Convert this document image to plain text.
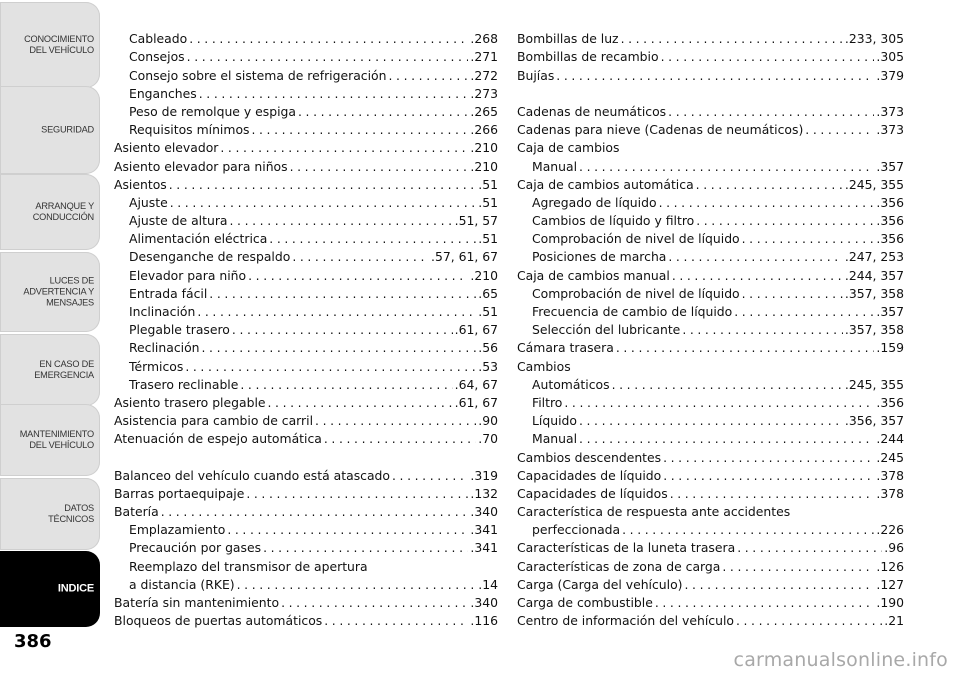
CONOCIMIENTO
DEL VEHÍCULO
SEGURIDAD
ARRANQUE Y
CONDUCCIÓN
LUCES DE
ADVERTENCIA Y
MENSAJES
EN CASO DE
EMERGENCIA
MANTENIMIENTO
DEL VEHÍCULO
DATOS
TÉCNICOS
INDICE
386
Cableado .....	.268
Consejos .....	.271
Consejo sobre el sistema de refrigeración .....	.272
Enganches .....	.273
Peso de remolque y espiga .....	.265
Requisitos mínimos .....	.266
Asiento elevador .....	.210
Asiento elevador para niños .....	.210
Asientos .....	.51
Ajuste .....	.51
Ajuste de altura .....	.51, 57
Alimentación eléctrica .....	.51
Desenganche de respaldo .....	.57, 61, 67
Elevador para niño .....	.210
Entrada fácil .....	.65
Inclinación .....	.51
Plegable trasero .....	.61, 67
Reclinación .....	.56
Térmicos .....	.53
Trasero reclinable .....	.64, 67
Asiento trasero plegable .....	.61, 67
Asistencia para cambio de carril .....	.90
Atenuación de espejo automática .....	.70
Balanceo del vehículo cuando está atascado .....	.319
Barras portaequipaje .....	.132
Batería .....	.340
Emplazamiento .....	.341
Precaución por gases .....	.341
Reemplazo del transmisor de apertura
a distancia (RKE) .....	.14
Batería sin mantenimiento .....	.340
Bloqueos de puertas automáticos .....	.116
Bombillas de luz .....	.233, 305
Bombillas de recambio .....	.305
Bujías .....	.379
Cadenas de neumáticos .....	.373
Cadenas para nieve (Cadenas de neumáticos) .....	.373
Caja de cambios
Manual .....	.357
Caja de cambios automática .....	.245, 355
Agregado de líquido .....	.356
Cambios de líquido y filtro .....	.356
Comprobación de nivel de líquido .....	.356
Posiciones de marcha .....	.247, 253
Caja de cambios manual .....	.244, 357
Comprobación de nivel de líquido .....	.357, 358
Frecuencia de cambio de líquido .....	.357
Selección del lubricante .....	.357, 358
Cámara trasera .....	.159
Cambios
Automáticos .....	.245, 355
Filtro .....	.356
Líquido .....	.356, 357
Manual .....	.244
Cambios descendentes .....	.245
Capacidades de líquido .....	.378
Capacidades de líquidos .....	.378
Característica de respuesta ante accidentes
perfeccionada .....	.226
Características de la luneta trasera .....	.96
Características de zona de carga .....	.126
Carga (Carga del vehículo) .....	.127
Carga de combustible .....	.190
Centro de información del vehículo .....	.21
carmanualsonline.info
